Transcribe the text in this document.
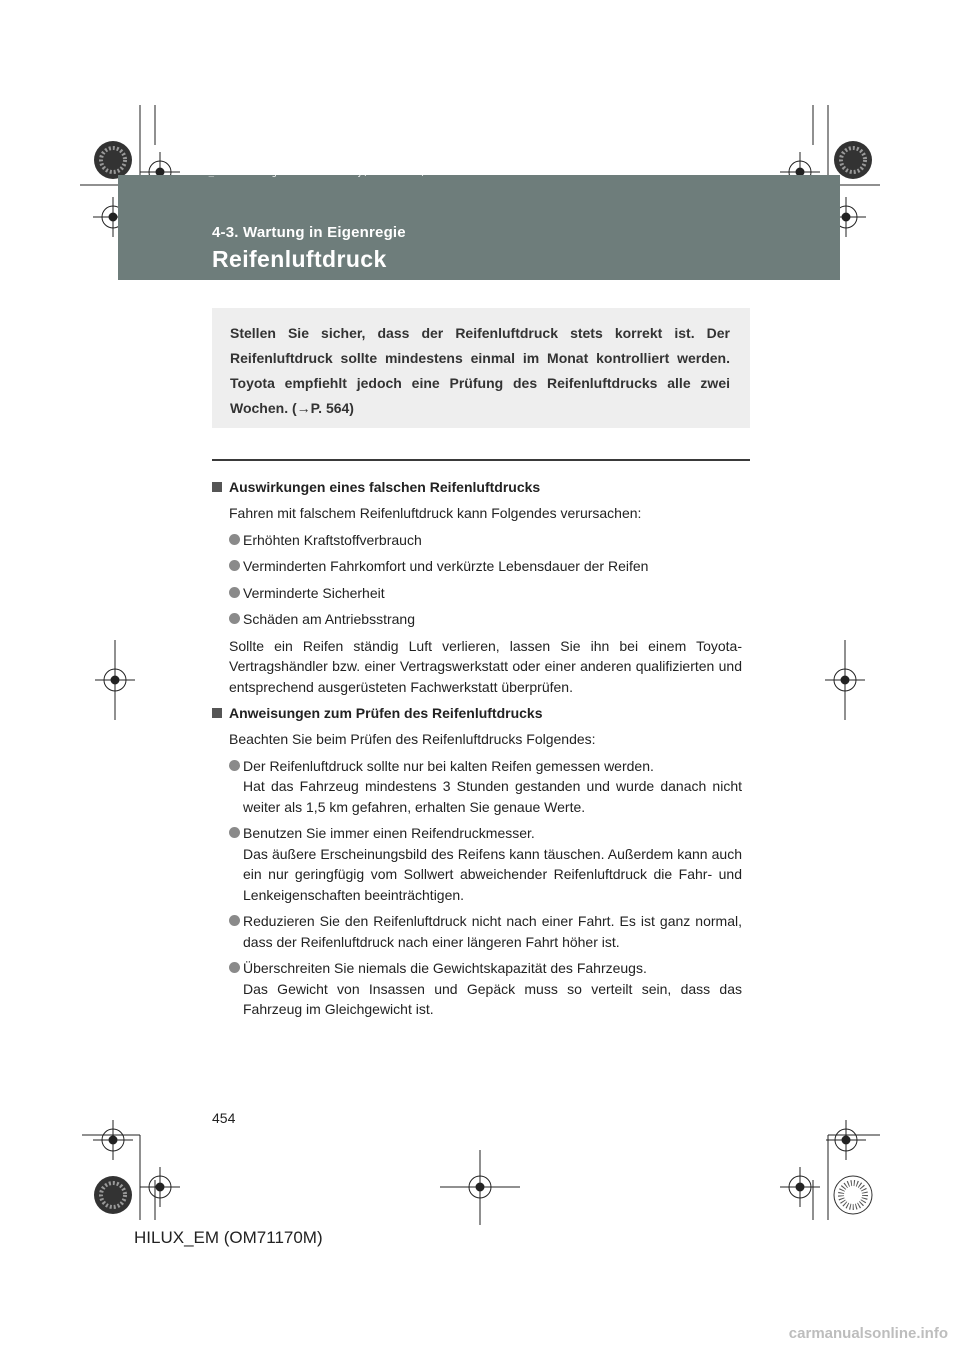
HILUX_EM.book Page 454 Wednesday, March 23, 2011 2:48 PM
4-3. Wartung in Eigenregie
Reifenluftdruck
Stellen Sie sicher, dass der Reifenluftdruck stets korrekt ist. Der Reifenluftdruck sollte mindestens einmal im Monat kontrolliert werden. Toyota empfiehlt jedoch eine Prüfung des Reifenluftdrucks alle zwei Wochen. (→P. 564)
Auswirkungen eines falschen Reifenluftdrucks
Fahren mit falschem Reifenluftdruck kann Folgendes verursachen:
Erhöhten Kraftstoffverbrauch
Verminderten Fahrkomfort und verkürzte Lebensdauer der Reifen
Verminderte Sicherheit
Schäden am Antriebsstrang
Sollte ein Reifen ständig Luft verlieren, lassen Sie ihn bei einem Toyota-Vertragshändler bzw. einer Vertragswerkstatt oder einer anderen qualifizierten und entsprechend ausgerüsteten Fachwerkstatt überprüfen.
Anweisungen zum Prüfen des Reifenluftdrucks
Beachten Sie beim Prüfen des Reifenluftdrucks Folgendes:
Der Reifenluftdruck sollte nur bei kalten Reifen gemessen werden.
Hat das Fahrzeug mindestens 3 Stunden gestanden und wurde danach nicht weiter als 1,5 km gefahren, erhalten Sie genaue Werte.
Benutzen Sie immer einen Reifendruckmesser.
Das äußere Erscheinungsbild des Reifens kann täuschen. Außerdem kann auch ein nur geringfügig vom Sollwert abweichender Reifenluftdruck die Fahr- und Lenkeigenschaften beeinträchtigen.
Reduzieren Sie den Reifenluftdruck nicht nach einer Fahrt. Es ist ganz normal, dass der Reifenluftdruck nach einer längeren Fahrt höher ist.
Überschreiten Sie niemals die Gewichtskapazität des Fahrzeugs.
Das Gewicht von Insassen und Gepäck muss so verteilt sein, dass das Fahrzeug im Gleichgewicht ist.
454
HILUX_EM (OM71170M)
carmanualsonline.info
